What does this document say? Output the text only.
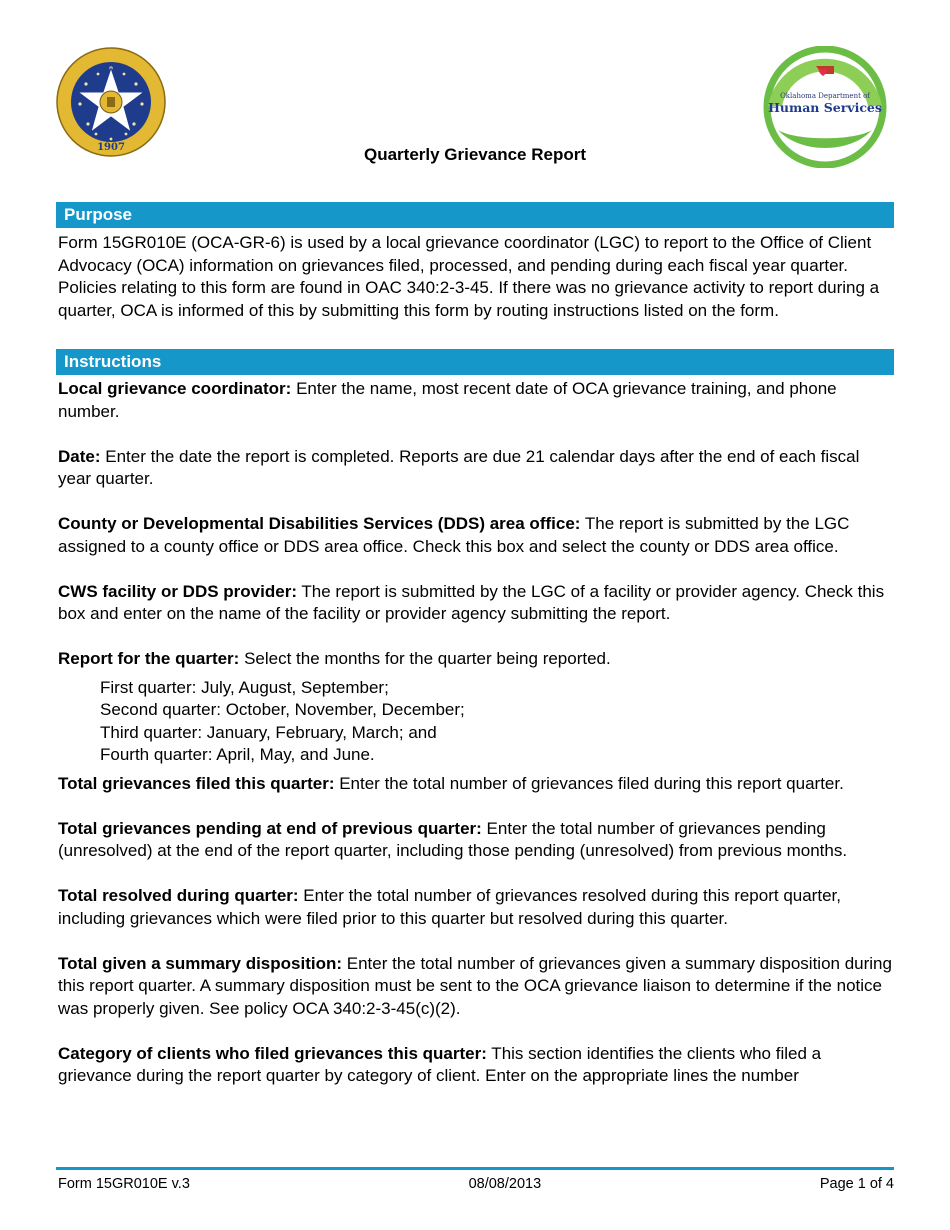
1907
Oklahoma Department of
Human Services
Quarterly Grievance Report
Purpose

Form 15GR010E (OCA-GR-6) is used by a local grievance coordinator (LGC) to report to the Office of Client Advocacy (OCA) information on grievances filed, processed, and pending during each fiscal year quarter. Policies relating to this form are found in OAC 340:2-3-45. If there was no grievance activity to report during a quarter, OCA is informed of this by submitting this form by routing instructions listed on the form.

Instructions

Local grievance coordinator: Enter the name, most recent date of OCA grievance training, and phone number.

Date: Enter the date the report is completed. Reports are due 21 calendar days after the end of each fiscal year quarter.

County or Developmental Disabilities Services (DDS) area office: The report is submitted by the LGC assigned to a county office or DDS area office. Check this box and select the county or DDS area office.

CWS facility or DDS provider: The report is submitted by the LGC of a facility or provider agency. Check this box and enter on the name of the facility or provider agency submitting the report.

Report for the quarter: Select the months for the quarter being reported.

First quarter: July, August, September;
Second quarter: October, November, December;
Third quarter: January, February, March; and
Fourth quarter: April, May, and June.

Total grievances filed this quarter: Enter the total number of grievances filed during this report quarter.

Total grievances pending at end of previous quarter: Enter the total number of grievances pending (unresolved) at the end of the report quarter, including those pending (unresolved) from previous months.

Total resolved during quarter: Enter the total number of grievances resolved during this report quarter, including grievances which were filed prior to this quarter but resolved during this quarter.

Total given a summary disposition: Enter the total number of grievances given a summary disposition during this report quarter. A summary disposition must be sent to the OCA grievance liaison to determine if the notice was properly given. See policy OCA 340:2-3-45(c)(2).

Category of clients who filed grievances this quarter: This section identifies the clients who filed a grievance during the report quarter by category of client. Enter on the appropriate lines the number

Form 15GR010E v.3	08/08/2013	Page 1 of 4
